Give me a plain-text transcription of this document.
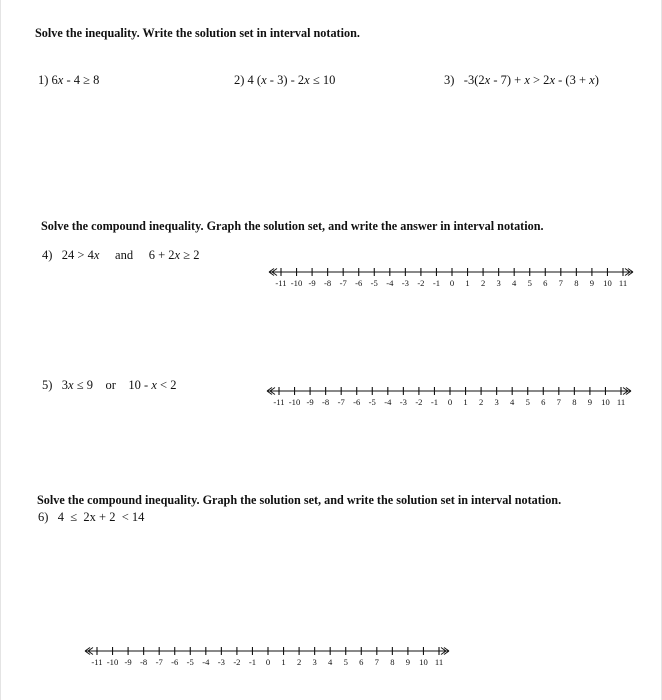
Solve the inequality. Write the solution set in interval notation.
1) 6x - 4 ≥ 8	2) 4 (x - 3) - 2x ≤ 10	3) -3(2x - 7) + x > 2x - (3 + x)
Solve the compound inequality. Graph the solution set, and write the answer in interval notation.
4) 24 > 4x and 6 + 2x ≥ 2
-11 -10 -9 -8 -7 -6 -5 -4 -3 -2 -1 0 1 2 3 4 5 6 7 8 9 10 11
5) 3x ≤ 9 or 10 - x < 2
-11 -10 -9 -8 -7 -6 -5 -4 -3 -2 -1 0 1 2 3 4 5 6 7 8 9 10 11
Solve the compound inequality. Graph the solution set, and write the solution set in interval notation.
6) 4  ≤  2x + 2  < 14
-11 -10 -9 -8 -7 -6 -5 -4 -3 -2 -1 0 1 2 3 4 5 6 7 8 9 10 11
